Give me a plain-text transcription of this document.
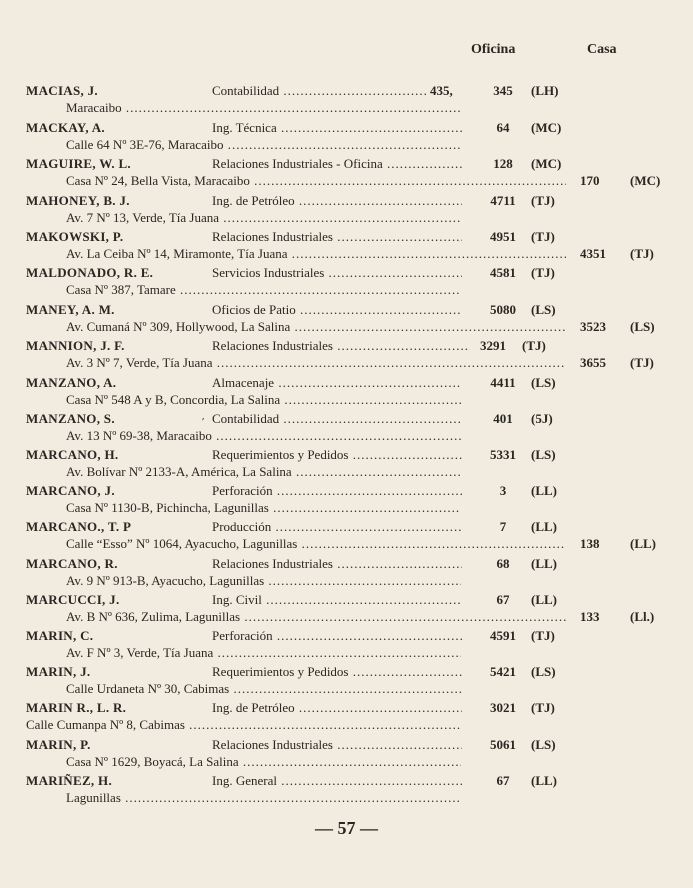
Oficina	Casa
MACIAS, J.	Contabilidad .....	435,	345	(LH)
Maracaibo .....
MACKAY, A.	Ing. Técnica .....	64	(MC)
Calle 64 Nº 3E-76, Maracaibo .....
MAGUIRE, W. L.	Relaciones Industriales - Oficina .....	128	(MC)
Casa Nº 24, Bella Vista, Maracaibo .....	170 (MC)
MAHONEY, B. J.	Ing. de Petróleo .....	4711	(TJ)
Av. 7 Nº 13, Verde, Tía Juana .....
MAKOWSKI, P.	Relaciones Industriales .....	4951	(TJ)
Av. La Ceiba Nº 14, Miramonte, Tía Juana .....	4351 (TJ)
MALDONADO, R. E.	Servicios Industriales .....	4581	(TJ)
Casa Nº 387, Tamare .....
MANEY, A. M.	Oficios de Patio .....	5080	(LS)
Av. Cumaná Nº 309, Hollywood, La Salina .....	3523 (LS)
MANNION, J. F.	Relaciones Industriales .....	3291	(TJ)
Av. 3 Nº 7, Verde, Tía Juana .....	3655 (TJ)
MANZANO, A.	Almacenaje .....	4411	(LS)
Casa Nº 548 A y B, Concordia, La Salina .....
MANZANO, S.	ʹ Contabilidad .....	401	(5J)
Av. 13 Nº 69-38, Maracaibo .....
MARCANO, H.	Requerimientos y Pedidos .....	5331	(LS)
Av. Bolívar Nº 2133-A, América, La Salina .....
MARCANO, J.	Perforación .....	3	(LL)
Casa Nº 1130-B, Pichincha, Lagunillas .....
MARCANO., T. P	Producción .....	7	(LL)
Calle “Esso” Nº 1064, Ayacucho, Lagunillas .....	138 (LL)
MARCANO, R.	Relaciones Industriales .....	68	(LL)
Av. 9 Nº 913-B, Ayacucho, Lagunillas .....
MARCUCCI, J.	Ing. Civil .....	67	(LL)
Av. B Nº 636, Zulima, Lagunillas .....	133 (Ll.)
MARIN, C.	Perforación .....	4591	(TJ)
Av. F Nº 3, Verde, Tía Juana .....
MARIN, J.	Requerimientos y Pedidos .....	5421	(LS)
Calle Urdaneta Nº 30, Cabimas .....
MARIN R., L. R.	Ing. de Petróleo .....	3021	(TJ)
Calle Cumanpa Nº 8, Cabimas .....
MARIN, P.	Relaciones Industriales .....	5061	(LS)
Casa Nº 1629, Boyacá, La Salina .....
MARIÑEZ, H.	Ing. General .....	67	(LL)
Lagunillas .....
— 57 —
